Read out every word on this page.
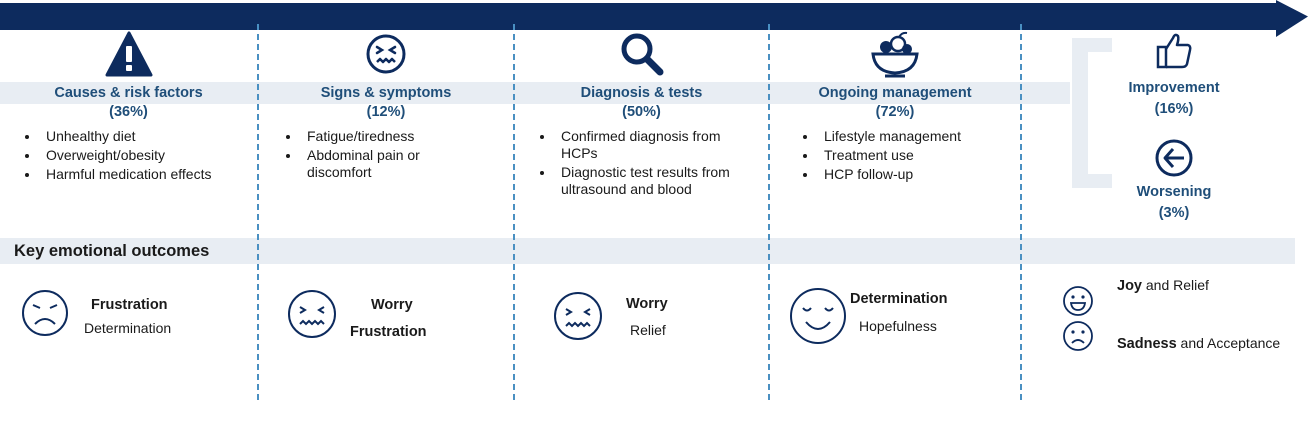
Causes & risk factors
(36%)
• Unhealthy diet
• Overweight/obesity
• Harmful medication effects
Signs & symptoms
(12%)
• Fatigue/tiredness
• Abdominal pain or discomfort
Diagnosis & tests
(50%)
• Confirmed diagnosis from HCPs
• Diagnostic test results from ultrasound and blood
Ongoing management
(72%)
• Lifestyle management
• Treatment use
• HCP follow-up
Improvement
(16%)
Worsening
(3%)
Key emotional outcomes
Frustration
Determination
Worry
Frustration
Worry
Relief
Determination
Hopefulness
Joy and Relief
Sadness and Acceptance
